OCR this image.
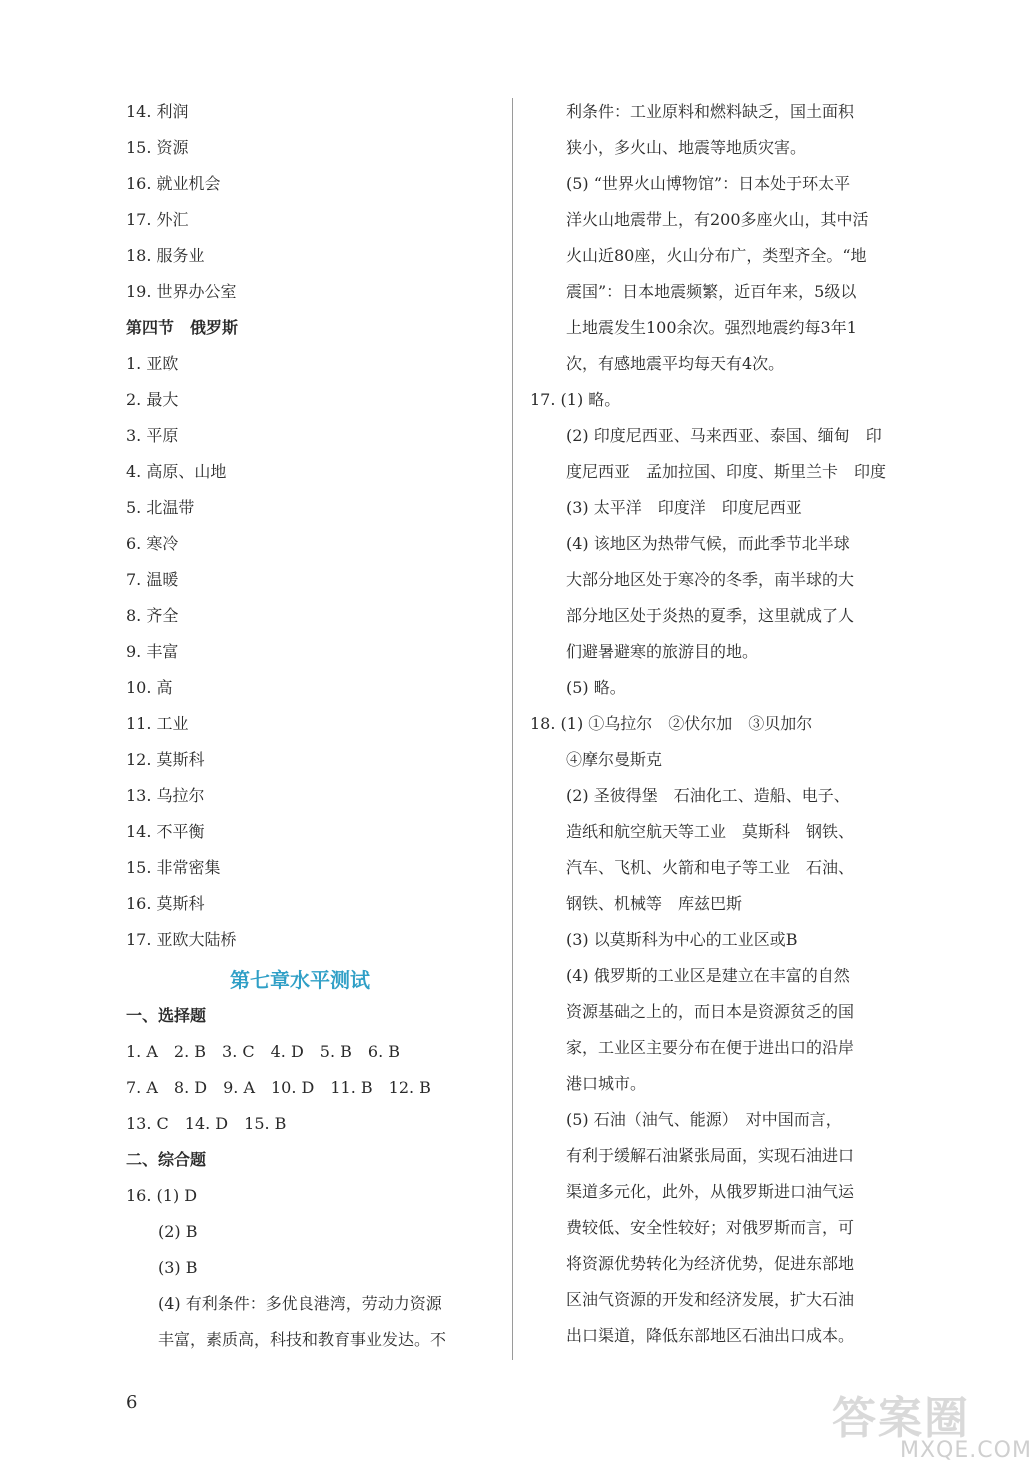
14. 利润
15. 资源
16. 就业机会
17. 外汇
18. 服务业
19. 世界办公室
第四节　俄罗斯
1. 亚欧
2. 最大
3. 平原
4. 高原、山地
5. 北温带
6. 寒冷
7. 温暖
8. 齐全
9. 丰富
10. 高
11. 工业
12. 莫斯科
13. 乌拉尔
14. 不平衡
15. 非常密集
16. 莫斯科
17. 亚欧大陆桥
第七章水平测试
一、选择题
1. A　2. B　3. C　4. D　5. B　6. B
7. A　8. D　9. A　10. D　11. B　12. B
13. C　14. D　15. B
二、综合题
16. (1) D
(2) B
(3) B
(4) 有利条件：多优良港湾，劳动力资源
丰富，素质高，科技和教育事业发达。不
利条件：工业原料和燃料缺乏，国土面积
狭小，多火山、地震等地质灾害。
(5) “世界火山博物馆”：日本处于环太平
洋火山地震带上，有200多座火山，其中活
火山近80座，火山分布广，类型齐全。“地
震国”：日本地震频繁，近百年来，5级以
上地震发生100余次。强烈地震约每3年1
次，有感地震平均每天有4次。
17. (1) 略。
(2) 印度尼西亚、马来西亚、泰国、缅甸　印
度尼西亚　孟加拉国、印度、斯里兰卡　印度
(3) 太平洋　印度洋　印度尼西亚
(4) 该地区为热带气候，而此季节北半球
大部分地区处于寒冷的冬季，南半球的大
部分地区处于炎热的夏季，这里就成了人
们避暑避寒的旅游目的地。
(5) 略。
18. (1) ①乌拉尔　②伏尔加　③贝加尔
④摩尔曼斯克
(2) 圣彼得堡　石油化工、造船、电子、
造纸和航空航天等工业　莫斯科　钢铁、
汽车、飞机、火箭和电子等工业　石油、
钢铁、机械等　库兹巴斯
(3) 以莫斯科为中心的工业区或B
(4) 俄罗斯的工业区是建立在丰富的自然
资源基础之上的，而日本是资源贫乏的国
家，工业区主要分布在便于进出口的沿岸
港口城市。
(5) 石油（油气、能源）　对中国而言，
有利于缓解石油紧张局面，实现石油进口
渠道多元化，此外，从俄罗斯进口油气运
费较低、安全性较好；对俄罗斯而言，可
将资源优势转化为经济优势，促进东部地
区油气资源的开发和经济发展，扩大石油
出口渠道，降低东部地区石油出口成本。
6	答案圈
MXQE.COM
